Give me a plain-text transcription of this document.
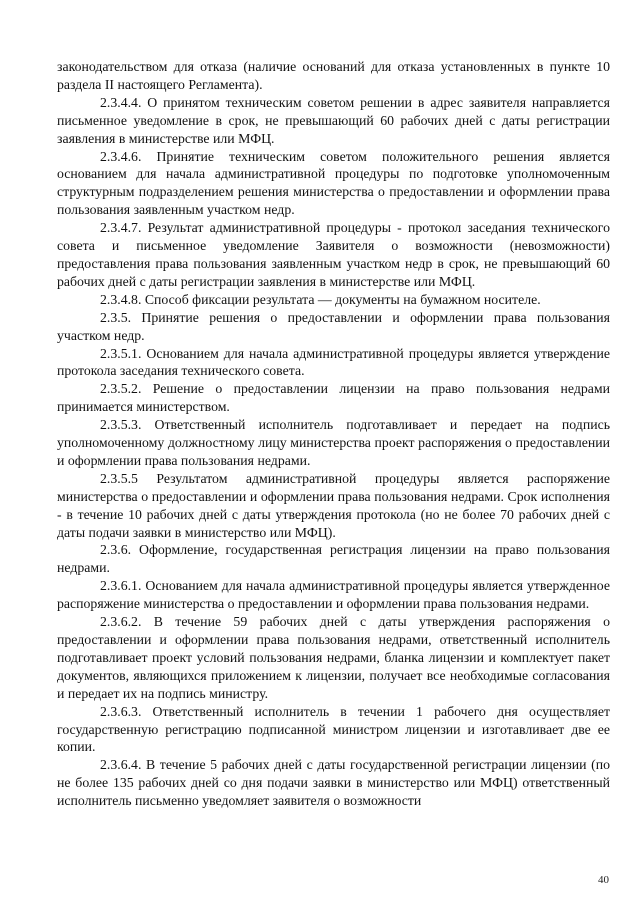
законодательством для отказа (наличие оснований для отказа установленных в пункте 10 раздела II настоящего Регламента).

2.3.4.4. О принятом техническим советом решении в адрес заявителя направляется письменное уведомление в срок, не превышающий 60 рабочих дней с даты регистрации заявления в министерстве или МФЦ.

2.3.4.6. Принятие техническим советом положительного решения является основанием для начала административной процедуры по подготовке уполномоченным структурным подразделением решения министерства о предоставлении и оформлении права пользования заявленным участком недр.

2.3.4.7. Результат административной процедуры - протокол заседания технического совета и письменное уведомление Заявителя о возможности (невозможности) предоставления права пользования заявленным участком недр в срок, не превышающий 60 рабочих дней с даты регистрации заявления в министерстве или МФЦ.

2.3.4.8. Способ фиксации результата — документы на бумажном носителе.

2.3.5. Принятие решения о предоставлении и оформлении права пользования участком недр.

2.3.5.1. Основанием для начала административной процедуры является утверждение протокола заседания технического совета.

2.3.5.2. Решение о предоставлении лицензии на право пользования недрами принимается министерством.

2.3.5.3. Ответственный исполнитель подготавливает и передает на подпись уполномоченному должностному лицу министерства проект распоряжения о предоставлении и оформлении права пользования недрами.

2.3.5.5 Результатом административной процедуры является распоряжение министерства о предоставлении и оформлении права пользования недрами. Срок исполнения - в течение 10 рабочих дней с даты утверждения протокола (но не более 70 рабочих дней с даты подачи заявки в министерство или МФЦ).

2.3.6. Оформление, государственная регистрация лицензии на право пользования недрами.

2.3.6.1. Основанием для начала административной процедуры является утвержденное распоряжение министерства о предоставлении и оформлении права пользования недрами.

2.3.6.2. В течение 59 рабочих дней с даты утверждения распоряжения о предоставлении и оформлении права пользования недрами, ответственный исполнитель подготавливает проект условий пользования недрами, бланка лицензии и комплектует пакет документов, являющихся приложением к лицензии, получает все необходимые согласования и передает их на подпись министру.

2.3.6.3. Ответственный исполнитель в течении 1 рабочего дня осуществляет государственную регистрацию подписанной министром лицензии и изготавливает две ее копии.

2.3.6.4. В течение 5 рабочих дней с даты государственной регистрации лицензии (по не более 135 рабочих дней со дня подачи заявки в министерство или МФЦ) ответственный исполнитель письменно уведомляет заявителя о возможности

40
